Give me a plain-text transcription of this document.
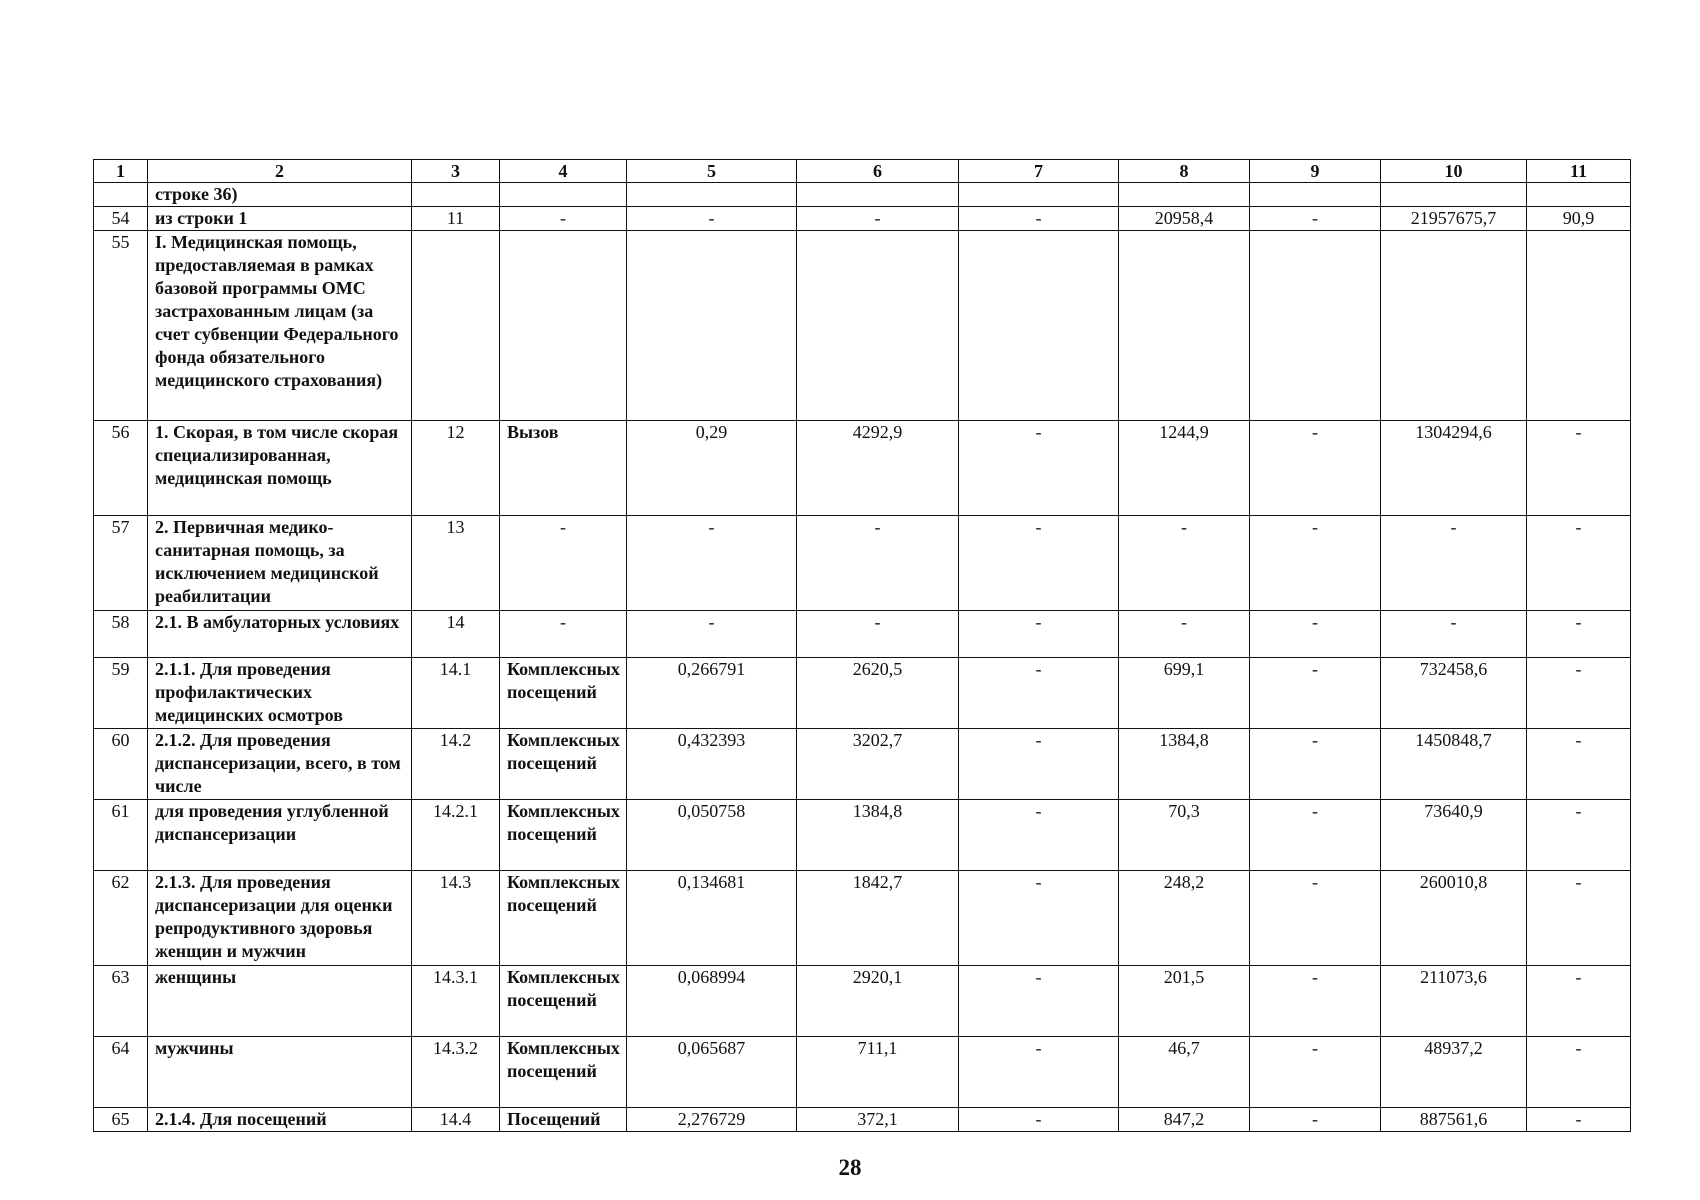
1	2	3	4	5	6	7	8	9	10	11
	строке 36)									
54	из строки 1	11	-	-	-	-	20958,4	-	21957675,7	90,9
55	I. Медицинская помощь, предоставляемая в рамках базовой программы ОМС застрахованным лицам (за счет субвенции Федерального фонда обязательного медицинского страхования)									
56	1. Скорая, в том числе скорая специализированная, медицинская помощь	12	Вызов	0,29	4292,9	-	1244,9	-	1304294,6	-
57	2. Первичная медико-санитарная помощь, за исключением медицинской реабилитации	13	-	-	-	-	-	-	-	-
58	2.1. В амбулаторных условиях	14	-	-	-	-	-	-	-	-
59	2.1.1. Для проведения профилактических медицинских осмотров	14.1	Комплексных посещений	0,266791	2620,5	-	699,1	-	732458,6	-
60	2.1.2. Для проведения диспансеризации, всего, в том числе	14.2	Комплексных посещений	0,432393	3202,7	-	1384,8	-	1450848,7	-
61	для проведения углубленной диспансеризации	14.2.1	Комплексных посещений	0,050758	1384,8	-	70,3	-	73640,9	-
62	2.1.3. Для проведения диспансеризации для оценки репродуктивного здоровья женщин и мужчин	14.3	Комплексных посещений	0,134681	1842,7	-	248,2	-	260010,8	-
63	женщины	14.3.1	Комплексных посещений	0,068994	2920,1	-	201,5	-	211073,6	-
64	мужчины	14.3.2	Комплексных посещений	0,065687	711,1	-	46,7	-	48937,2	-
65	2.1.4. Для посещений	14.4	Посещений	2,276729	372,1	-	847,2	-	887561,6	-
28
